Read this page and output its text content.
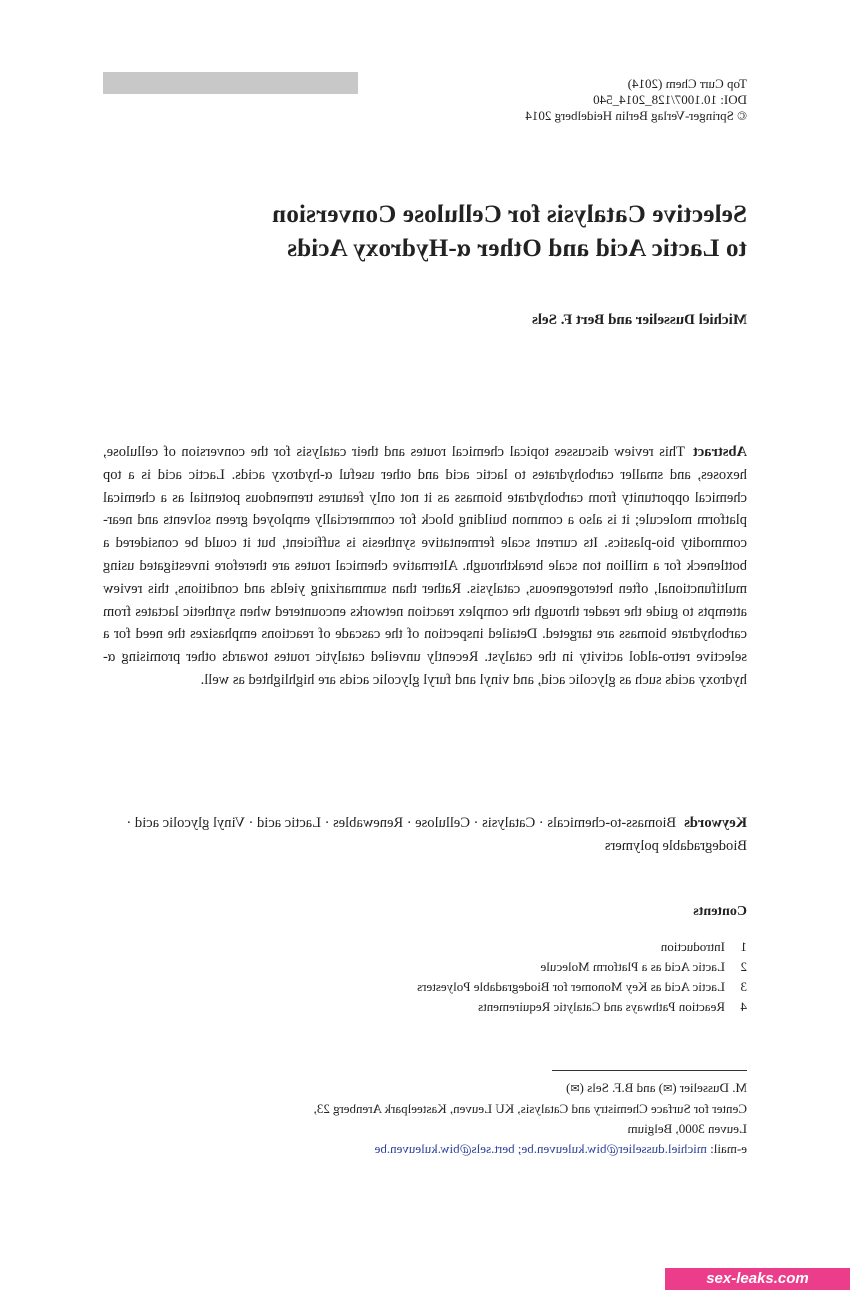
Top Curr Chem (2014)
DOI: 10.1007/128_2014_540
© Springer-Verlag Berlin Heidelberg 2014
Selective Catalysis for Cellulose Conversion
to Lactic Acid and Other α-Hydroxy Acids
Michiel Dusselier and Bert F. Sels
AbstractThis review discusses topical chemical routes and their catalysis for the conversion of cellulose, hexoses, and smaller carbohydrates to lactic acid and other useful α-hydroxy acids. Lactic acid is a top chemical opportunity from carbohydrate biomass as it not only features tremendous potential as a chemical platform molecule; it is also a common building block for commercially employed green solvents and near-commodity bio-plastics. Its current scale fermentative synthesis is sufficient, but it could be considered a bottleneck for a million ton scale breakthrough. Alternative chemical routes are therefore investigated using multifunctional, often heterogeneous, catalysis. Rather than summarizing yields and conditions, this review attempts to guide the reader through the complex reaction networks encountered when synthetic lactates from carbohydrate biomass are targeted. Detailed inspection of the cascade of reactions emphasizes the need for a selective retro-aldol activity in the catalyst. Recently unveiled catalytic routes towards other promising α-hydroxy acids such as glycolic acid, and vinyl and furyl glycolic acids are highlighted as well.
KeywordsBiomass-to-chemicals · Catalysis · Cellulose · Renewables · Lactic acid · Vinyl glycolic acid · Biodegradable polymers
Contents
1
Introduction
2
Lactic Acid as a Platform Molecule
3
Lactic Acid as Key Monomer for Biodegradable Polyesters
4
Reaction Pathways and Catalytic Requirements
M. Dusselier (✉) and B.F. Sels (✉)
Center for Surface Chemistry and Catalysis, KU Leuven, Kasteelpark Arenberg 23,
Leuven 3000, Belgium
e-mail: michiel.dusselier@biw.kuleuven.be; bert.sels@biw.kuleuven.be
sex-leaks.com
